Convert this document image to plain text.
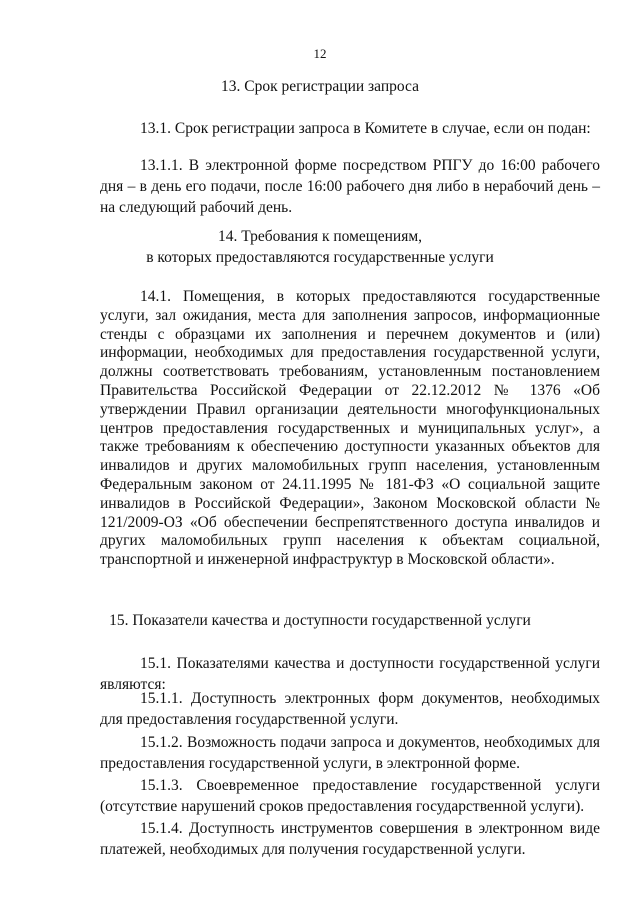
12
13. Срок регистрации запроса
13.1. Срок регистрации запроса в Комитете в случае, если он подан:
13.1.1. В электронной форме посредством РПГУ до 16:00 рабочего дня – в день его подачи, после 16:00 рабочего дня либо в нерабочий день – на следующий рабочий день.
14. Требования к помещениям,
в которых предоставляются государственные услуги
14.1. Помещения, в которых предоставляются государственные услуги, зал ожидания, места для заполнения запросов, информационные стенды с образцами их заполнения и перечнем документов и (или) информации, необходимых для предоставления государственной услуги, должны соответствовать требованиям, установленным постановлением Правительства Российской Федерации от 22.12.2012 № 1376 «Об утверждении Правил организации деятельности многофункциональных центров предоставления государственных и муниципальных услуг», а также требованиям к обеспечению доступности указанных объектов для инвалидов и других маломобильных групп населения, установленным Федеральным законом от 24.11.1995 № 181-ФЗ «О социальной защите инвалидов в Российской Федерации», Законом Московской области № 121/2009-ОЗ «Об обеспечении беспрепятственного доступа инвалидов и других маломобильных групп населения к объектам социальной, транспортной и инженерной инфраструктур в Московской области».
15. Показатели качества и доступности государственной услуги
15.1. Показателями качества и доступности государственной услуги являются:
15.1.1. Доступность электронных форм документов, необходимых для предоставления государственной услуги.
15.1.2. Возможность подачи запроса и документов, необходимых для предоставления государственной услуги, в электронной форме.
15.1.3. Своевременное предоставление государственной услуги (отсутствие нарушений сроков предоставления государственной услуги).
15.1.4. Доступность инструментов совершения в электронном виде платежей, необходимых для получения государственной услуги.
